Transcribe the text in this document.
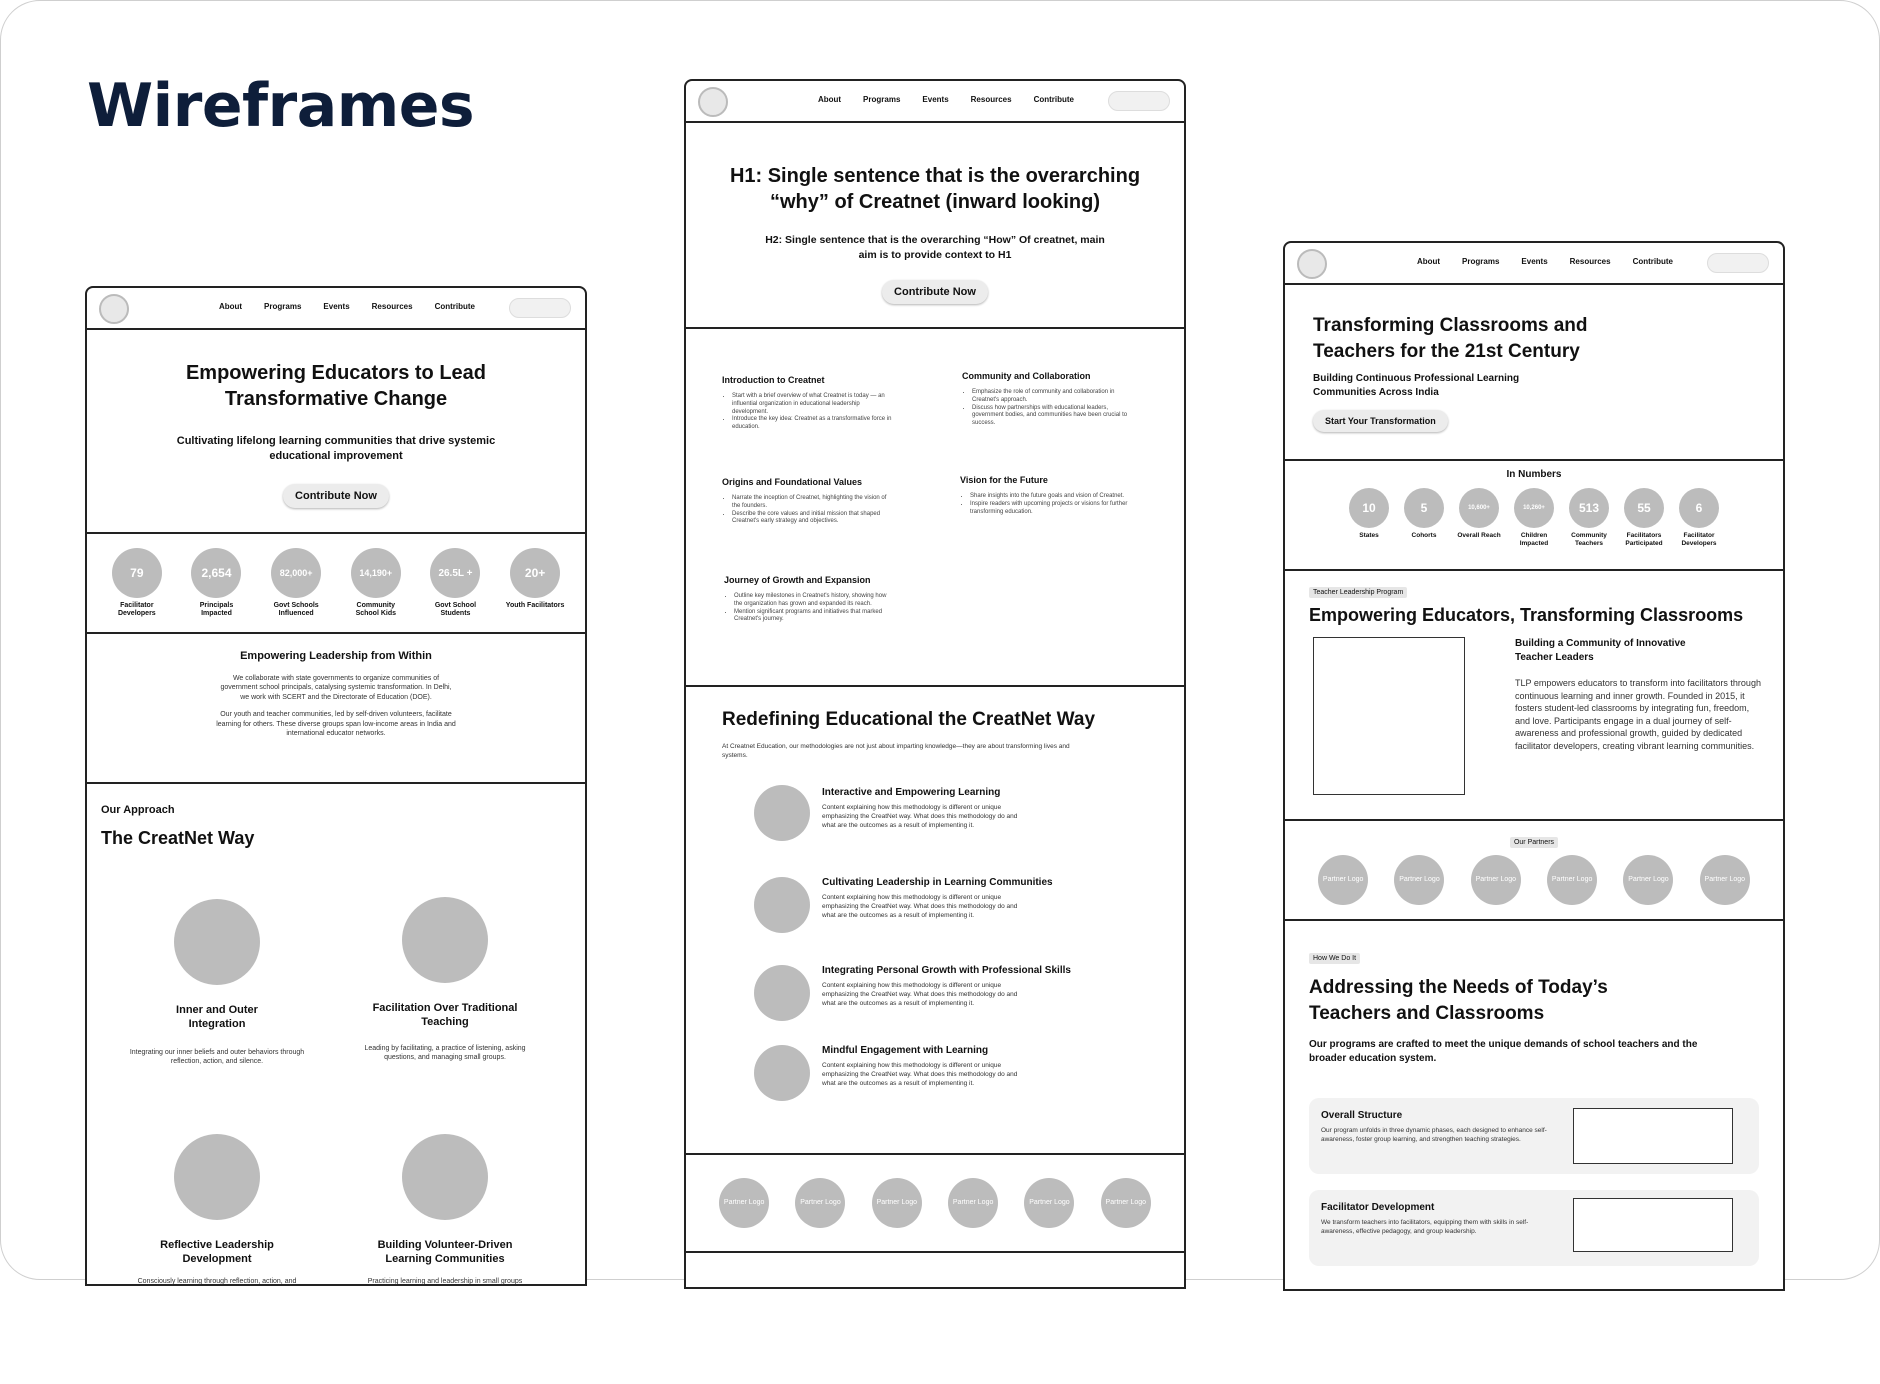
Wireframes
About	Programs	Events	Resources	Contribute
Empowering Educators to Lead Transformative Change
Cultivating lifelong learning communities that drive systemic educational improvement
Contribute Now
79
Facilitator Developers
2,654
Principals Impacted
82,000+
Govt Schools Influenced
14,190+
Community School Kids
26.5L +
Govt School Students
20+
Youth Facilitators
Empowering Leadership from Within
We collaborate with state governments to organize communities of government school principals, catalysing systemic transformation. In Delhi, we work with SCERT and the Directorate of Education (DOE).
Our youth and teacher communities, led by self-driven volunteers, facilitate learning for others. These diverse groups span low-income areas in India and international educator networks.
Our Approach
The CreatNet Way
Inner and Outer Integration
Integrating our inner beliefs and outer behaviors through reflection, action, and silence.
Facilitation Over Traditional Teaching
Leading by facilitating, a practice of listening, asking questions, and managing small groups.
Reflective Leadership Development
Consciously learning through reflection, action, and
Building Volunteer-Driven Learning Communities
Practicing learning and leadership in small groups
About	Programs	Events	Resources	Contribute
H1: Single sentence that is the overarching “why” of Creatnet (inward looking)
H2: Single sentence that is the overarching “How” Of creatnet, main aim is to provide context to H1
Contribute Now
Introduction to Creatnet
• Start with a brief overview of what Creatnet is today — an influential organization in educational leadership development.
• Introduce the key idea: Creatnet as a transformative force in education.
Community and Collaboration
• Emphasize the role of community and collaboration in Creatnet's approach.
• Discuss how partnerships with educational leaders, government bodies, and communities have been crucial to success.
Origins and Foundational Values
• Narrate the inception of Creatnet, highlighting the vision of the founders.
• Describe the core values and initial mission that shaped Creatnet's early strategy and objectives.
Vision for the Future
• Share insights into the future goals and vision of Creatnet.
• Inspire readers with upcoming projects or visions for further transforming education.
Journey of Growth and Expansion
• Outline key milestones in Creatnet's history, showing how the organization has grown and expanded its reach.
• Mention significant programs and initiatives that marked Creatnet's journey.
Redefining Educational the CreatNet Way
At Creatnet Education, our methodologies are not just about imparting knowledge—they are about transforming lives and systems.
Interactive and Empowering Learning
Content explaining how this methodology is different or unique emphasizing the CreatNet way. What does this methodology do and what are the outcomes as a result of implementing it.
Cultivating Leadership in Learning Communities
Content explaining how this methodology is different or unique emphasizing the CreatNet way. What does this methodology do and what are the outcomes as a result of implementing it.
Integrating Personal Growth with Professional Skills
Content explaining how this methodology is different or unique emphasizing the CreatNet way. What does this methodology do and what are the outcomes as a result of implementing it.
Mindful Engagement with Learning
Content explaining how this methodology is different or unique emphasizing the CreatNet way. What does this methodology do and what are the outcomes as a result of implementing it.
Partner Logo	Partner Logo	Partner Logo	Partner Logo	Partner Logo	Partner Logo
About	Programs	Events	Resources	Contribute
Transforming Classrooms and Teachers for the 21st Century
Building Continuous Professional Learning Communities Across India
Start Your Transformation
In Numbers
10
States
5
Cohorts
10,600+
Overall Reach
10,260+
Children Impacted
513
Community Teachers
55
Facilitators Participated
6
Facilitator Developers
Teacher Leadership Program
Empowering Educators, Transforming Classrooms
Building a Community of Innovative Teacher Leaders
TLP empowers educators to transform into facilitators through continuous learning and inner growth. Founded in 2015, it fosters student-led classrooms by integrating fun, freedom, and love. Participants engage in a dual journey of self-awareness and professional growth, guided by dedicated facilitator developers, creating vibrant learning communities.
Our Partners
Partner Logo	Partner Logo	Partner Logo	Partner Logo	Partner Logo	Partner Logo
How We Do It
Addressing the Needs of Today’s Teachers and Classrooms
Our programs are crafted to meet the unique demands of school teachers and the broader education system.
Overall Structure
Our program unfolds in three dynamic phases, each designed to enhance self-awareness, foster group learning, and strengthen teaching strategies.
Facilitator Development
We transform teachers into facilitators, equipping them with skills in self-awareness, effective pedagogy, and group leadership.
